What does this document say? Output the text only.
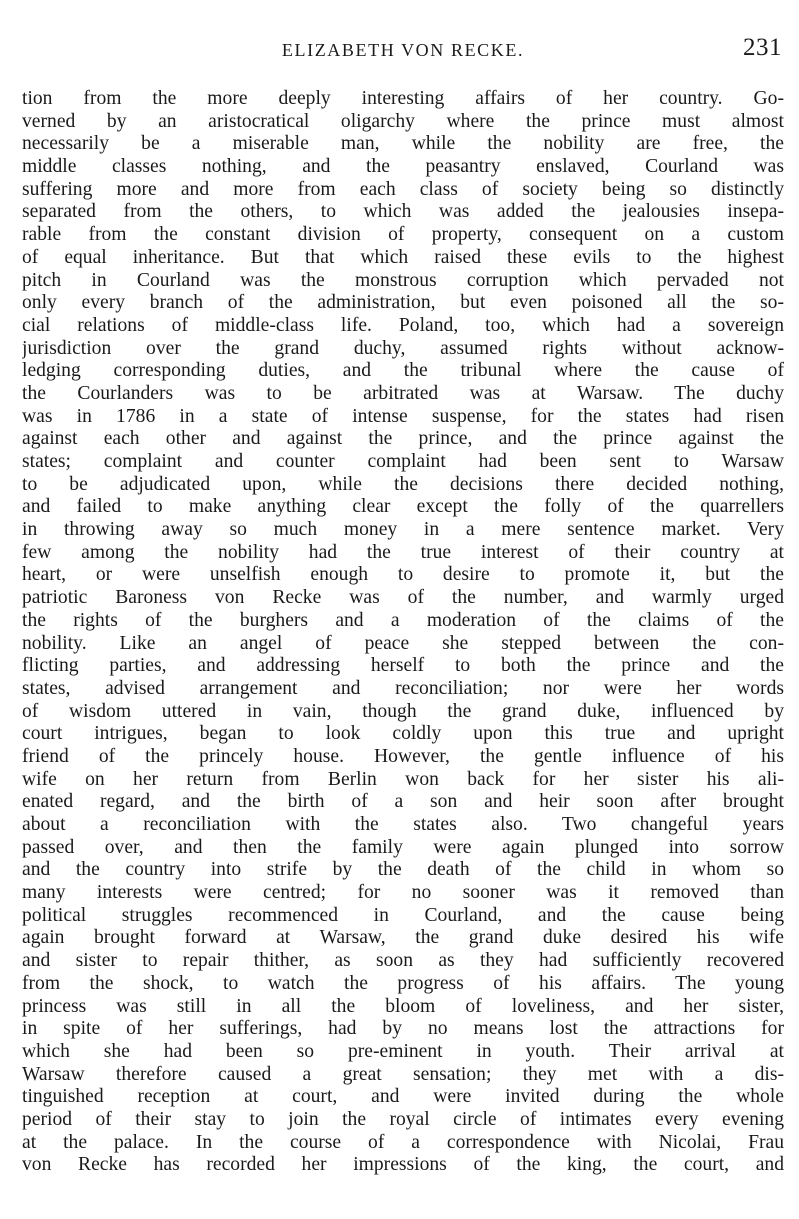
ELIZABETH VON RECKE.	231
tion from the more deeply interesting affairs of her country. Go-
verned by an aristocratical oligarchy where the prince must almost
necessarily be a miserable man, while the nobility are free, the
middle classes nothing, and the peasantry enslaved, Courland was
suffering more and more from each class of society being so distinctly
separated from the others, to which was added the jealousies insepa-
rable from the constant division of property, consequent on a custom
of equal inheritance. But that which raised these evils to the highest
pitch in Courland was the monstrous corruption which pervaded not
only every branch of the administration, but even poisoned all the so-
cial relations of middle-class life. Poland, too, which had a sovereign
jurisdiction over the grand duchy, assumed rights without acknow-
ledging corresponding duties, and the tribunal where the cause of
the Courlanders was to be arbitrated was at Warsaw. The duchy
was in 1786 in a state of intense suspense, for the states had risen
against each other and against the prince, and the prince against the
states; complaint and counter complaint had been sent to Warsaw
to be adjudicated upon, while the decisions there decided nothing,
and failed to make anything clear except the folly of the quarrellers
in throwing away so much money in a mere sentence market. Very
few among the nobility had the true interest of their country at
heart, or were unselfish enough to desire to promote it, but the
patriotic Baroness von Recke was of the number, and warmly urged
the rights of the burghers and a moderation of the claims of the
nobility. Like an angel of peace she stepped between the con-
flicting parties, and addressing herself to both the prince and the
states, advised arrangement and reconciliation; nor were her words
of wisdom uttered in vain, though the grand duke, influenced by
court intrigues, began to look coldly upon this true and upright
friend of the princely house. However, the gentle influence of his
wife on her return from Berlin won back for her sister his ali-
enated regard, and the birth of a son and heir soon after brought
about a reconciliation with the states also. Two changeful years
passed over, and then the family were again plunged into sorrow
and the country into strife by the death of the child in whom so
many interests were centred; for no sooner was it removed than
political struggles recommenced in Courland, and the cause being
again brought forward at Warsaw, the grand duke desired his wife
and sister to repair thither, as soon as they had sufficiently recovered
from the shock, to watch the progress of his affairs. The young
princess was still in all the bloom of loveliness, and her sister,
in spite of her sufferings, had by no means lost the attractions for
which she had been so pre-eminent in youth. Their arrival at
Warsaw therefore caused a great sensation; they met with a dis-
tinguished reception at court, and were invited during the whole
period of their stay to join the royal circle of intimates every evening
at the palace. In the course of a correspondence with Nicolai, Frau
von Recke has recorded her impressions of the king, the court, and
